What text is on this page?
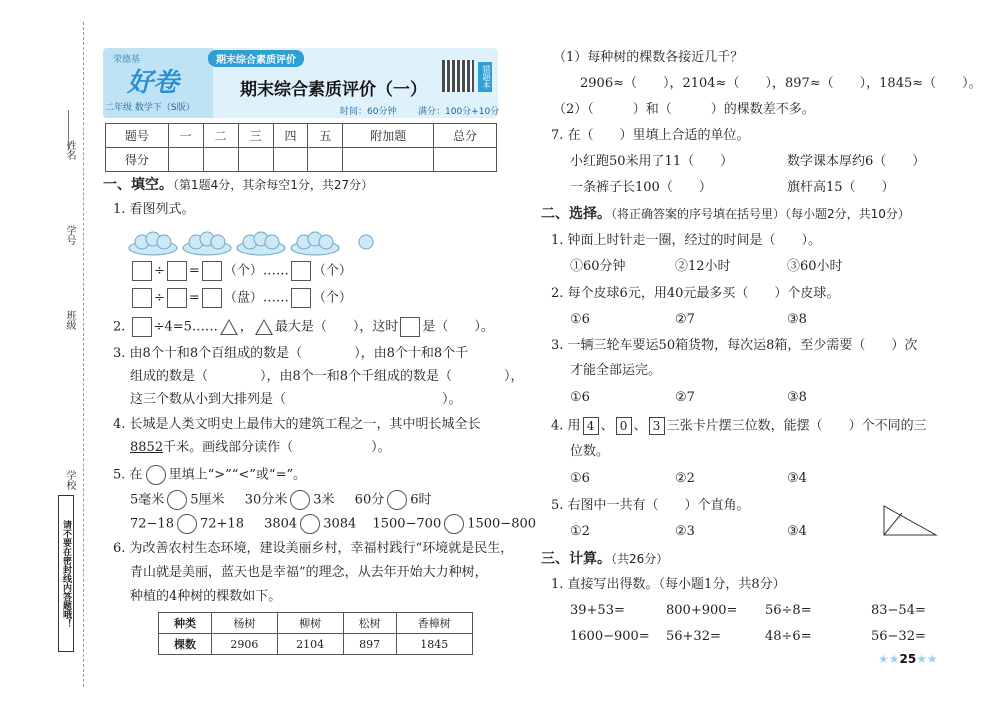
姓名
学号
班级
学校
请不要在密封线内答题哦！
荣德基
好卷
二年级 数学下（S版）
期末综合素质评价
期末综合素质评价（一）
错题本
时间：60分钟 满分：100分+10分
题号	一	二	三	四	五	附加题	总分
得分							
一、填空。（第1题4分，其余每空1分，共27分）
1. 看图列式。
÷ = （个）…… （个）
÷ = （盘）…… （个）
2. ÷4=5…… ， 最大是（　　），这时 是（　　）。
3. 由8个十和8个百组成的数是（　　　　），由8个十和8个千
组成的数是（　　　　），由8个一和8个千组成的数是（　　　　），
这三个数从小到大排列是（　　　　　　　　　　　　）。
4. 长城是人类文明史上最伟大的建筑工程之一，其中明长城全长
8852千米。画线部分读作（　　　　　　）。
5. 在 里填上“>”“<”或“=”。
5毫米 5厘米 30分米 3米 60分 6时
72−18 72+18 3804 3084 1500−700 1500−800
6. 为改善农村生态环境，建设美丽乡村，幸福村践行“环境就是民生，
青山就是美丽，蓝天也是幸福”的理念，从去年开始大力种树，
种植的4种树的棵数如下。
种类	杨树	柳树	松树	香樟树
棵数	2906	2104	897	1845
（1）每种树的棵数各接近几千？
2906≈（　　），2104≈（　　），897≈（　　），1845≈（　　）。
（2）（　　　）和（　　　）的棵数差不多。
7. 在（　　）里填上合适的单位。
小红跑50米用了11（　　）	数学课本厚约6（　　）
一条裤子长100（　　）	旗杆高15（　　）
二、选择。（将正确答案的序号填在括号里）（每小题2分，共10分）
1. 钟面上时针走一圈，经过的时间是（　　）。
①60分钟	②12小时	③60小时
2. 每个皮球6元，用40元最多买（　　）个皮球。
①6	②7	③8
3. 一辆三轮车要运50箱货物，每次运8箱，至少需要（　　）次
才能全部运完。
①6	②7	③8
4. 用 4 、 0 、 3 三张卡片摆三位数，能摆（　　）个不同的三
位数。
①6	②2	③4
5. 右图中一共有（　　）个直角。
①2	②3	③4
三、计算。（共26分）
1. 直接写出得数。（每小题1分，共8分）
39+53=	800+900= 56÷8=	83−54=
1600−900= 56+32=	48÷6=	56−32=
★★25★★
